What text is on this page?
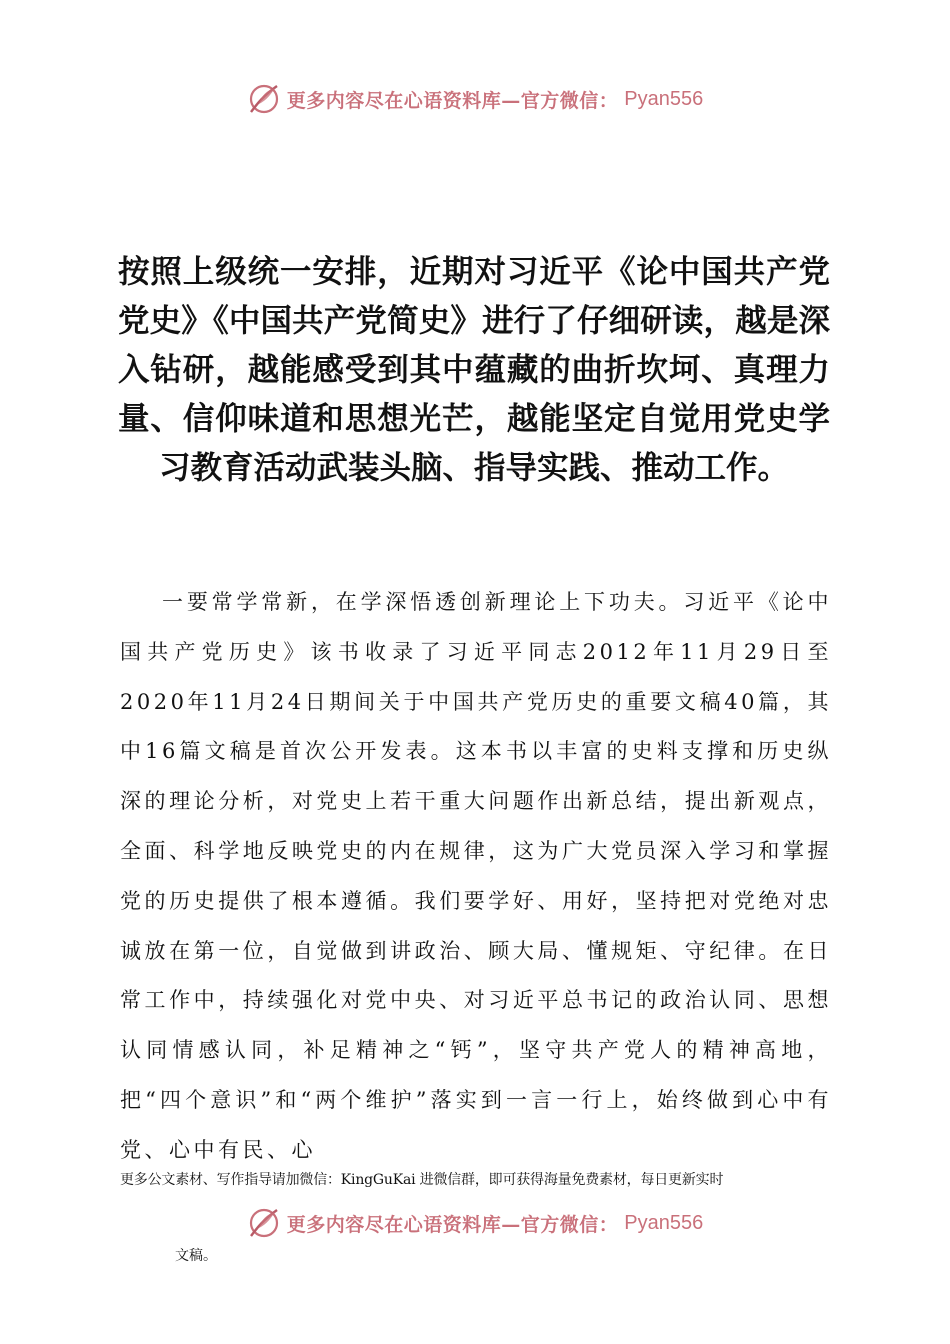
更多内容尽在心语资料库—官方微信： Pyan556
按照上级统一安排，近期对习近平《论中国共产党党史》《中国共产党简史》进行了仔细研读，越是深入钻研，越能感受到其中蕴藏的曲折坎坷、真理力量、信仰味道和思想光芒，越能坚定自觉用党史学习教育活动武装头脑、指导实践、推动工作。

一要常学常新，在学深悟透创新理论上下功夫。习近平《论中国共产党历史》该书收录了习近平同志2012年11月29日至2020年11月24日期间关于中国共产党历史的重要文稿40篇，其中16篇文稿是首次公开发表。这本书以丰富的史料支撑和历史纵深的理论分析，对党史上若干重大问题作出新总结，提出新观点，全面、科学地反映党史的内在规律，这为广大党员深入学习和掌握党的历史提供了根本遵循。我们要学好、用好，坚持把对党绝对忠诚放在第一位，自觉做到讲政治、顾大局、懂规矩、守纪律。在日常工作中，持续强化对党中央、对习近平总书记的政治认同、思想认同情感认同，补足精神之“钙”，坚守共产党人的精神高地，把“四个意识”和“两个维护”落实到一言一行上，始终做到心中有党、心中有民、心

更多公文素材、写作指导请加微信：KingGuKai 进微信群，即可获得海量免费素材，每日更新实时

更多内容尽在心语资料库—官方微信： Pyan556

文稿。
